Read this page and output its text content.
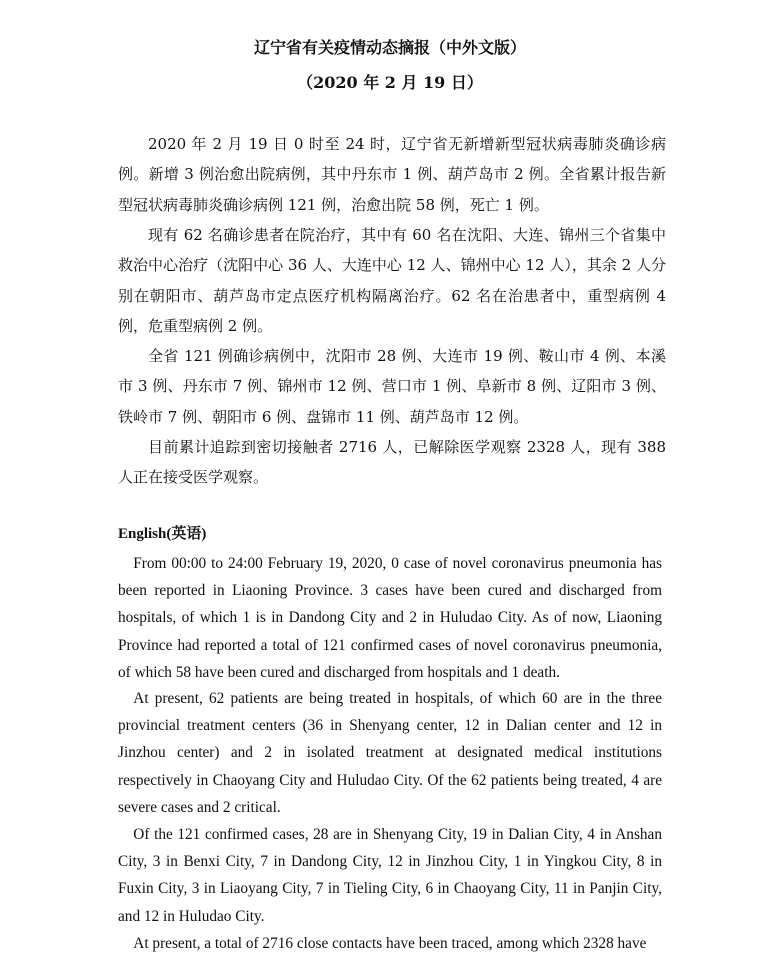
辽宁省有关疫情动态摘报（中外文版）
（2020 年 2 月 19 日）

2020 年 2 月 19 日 0 时至 24 时，辽宁省无新增新型冠状病毒肺炎确诊病例。新增 3 例治愈出院病例，其中丹东市 1 例、葫芦岛市 2 例。全省累计报告新型冠状病毒肺炎确诊病例 121 例，治愈出院 58 例，死亡 1 例。

现有 62 名确诊患者在院治疗，其中有 60 名在沈阳、大连、锦州三个省集中救治中心治疗（沈阳中心 36 人、大连中心 12 人、锦州中心 12 人），其余 2 人分别在朝阳市、葫芦岛市定点医疗机构隔离治疗。62 名在治患者中，重型病例 4 例，危重型病例 2 例。

全省 121 例确诊病例中，沈阳市 28 例、大连市 19 例、鞍山市 4 例、本溪市 3 例、丹东市 7 例、锦州市 12 例、营口市 1 例、阜新市 8 例、辽阳市 3 例、铁岭市 7 例、朝阳市 6 例、盘锦市 11 例、葫芦岛市 12 例。

目前累计追踪到密切接触者 2716 人，已解除医学观察 2328 人，现有 388 人正在接受医学观察。

English(英语)

From 00:00 to 24:00 February 19, 2020, 0 case of novel coronavirus pneumonia has been reported in Liaoning Province. 3 cases have been cured and discharged from hospitals, of which 1 is in Dandong City and 2 in Huludao City. As of now, Liaoning Province had reported a total of 121 confirmed cases of novel coronavirus pneumonia, of which 58 have been cured and discharged from hospitals and 1 death.

At present, 62 patients are being treated in hospitals, of which 60 are in the three provincial treatment centers (36 in Shenyang center, 12 in Dalian center and 12 in Jinzhou center) and 2 in isolated treatment at designated medical institutions respectively in Chaoyang City and Huludao City. Of the 62 patients being treated, 4 are severe cases and 2 critical.

Of the 121 confirmed cases, 28 are in Shenyang City, 19 in Dalian City, 4 in Anshan City, 3 in Benxi City, 7 in Dandong City, 12 in Jinzhou City, 1 in Yingkou City, 8 in Fuxin City, 3 in Liaoyang City, 7 in Tieling City, 6 in Chaoyang City, 11 in Panjin City, and 12 in Huludao City.

At present, a total of 2716 close contacts have been traced, among which 2328 have
